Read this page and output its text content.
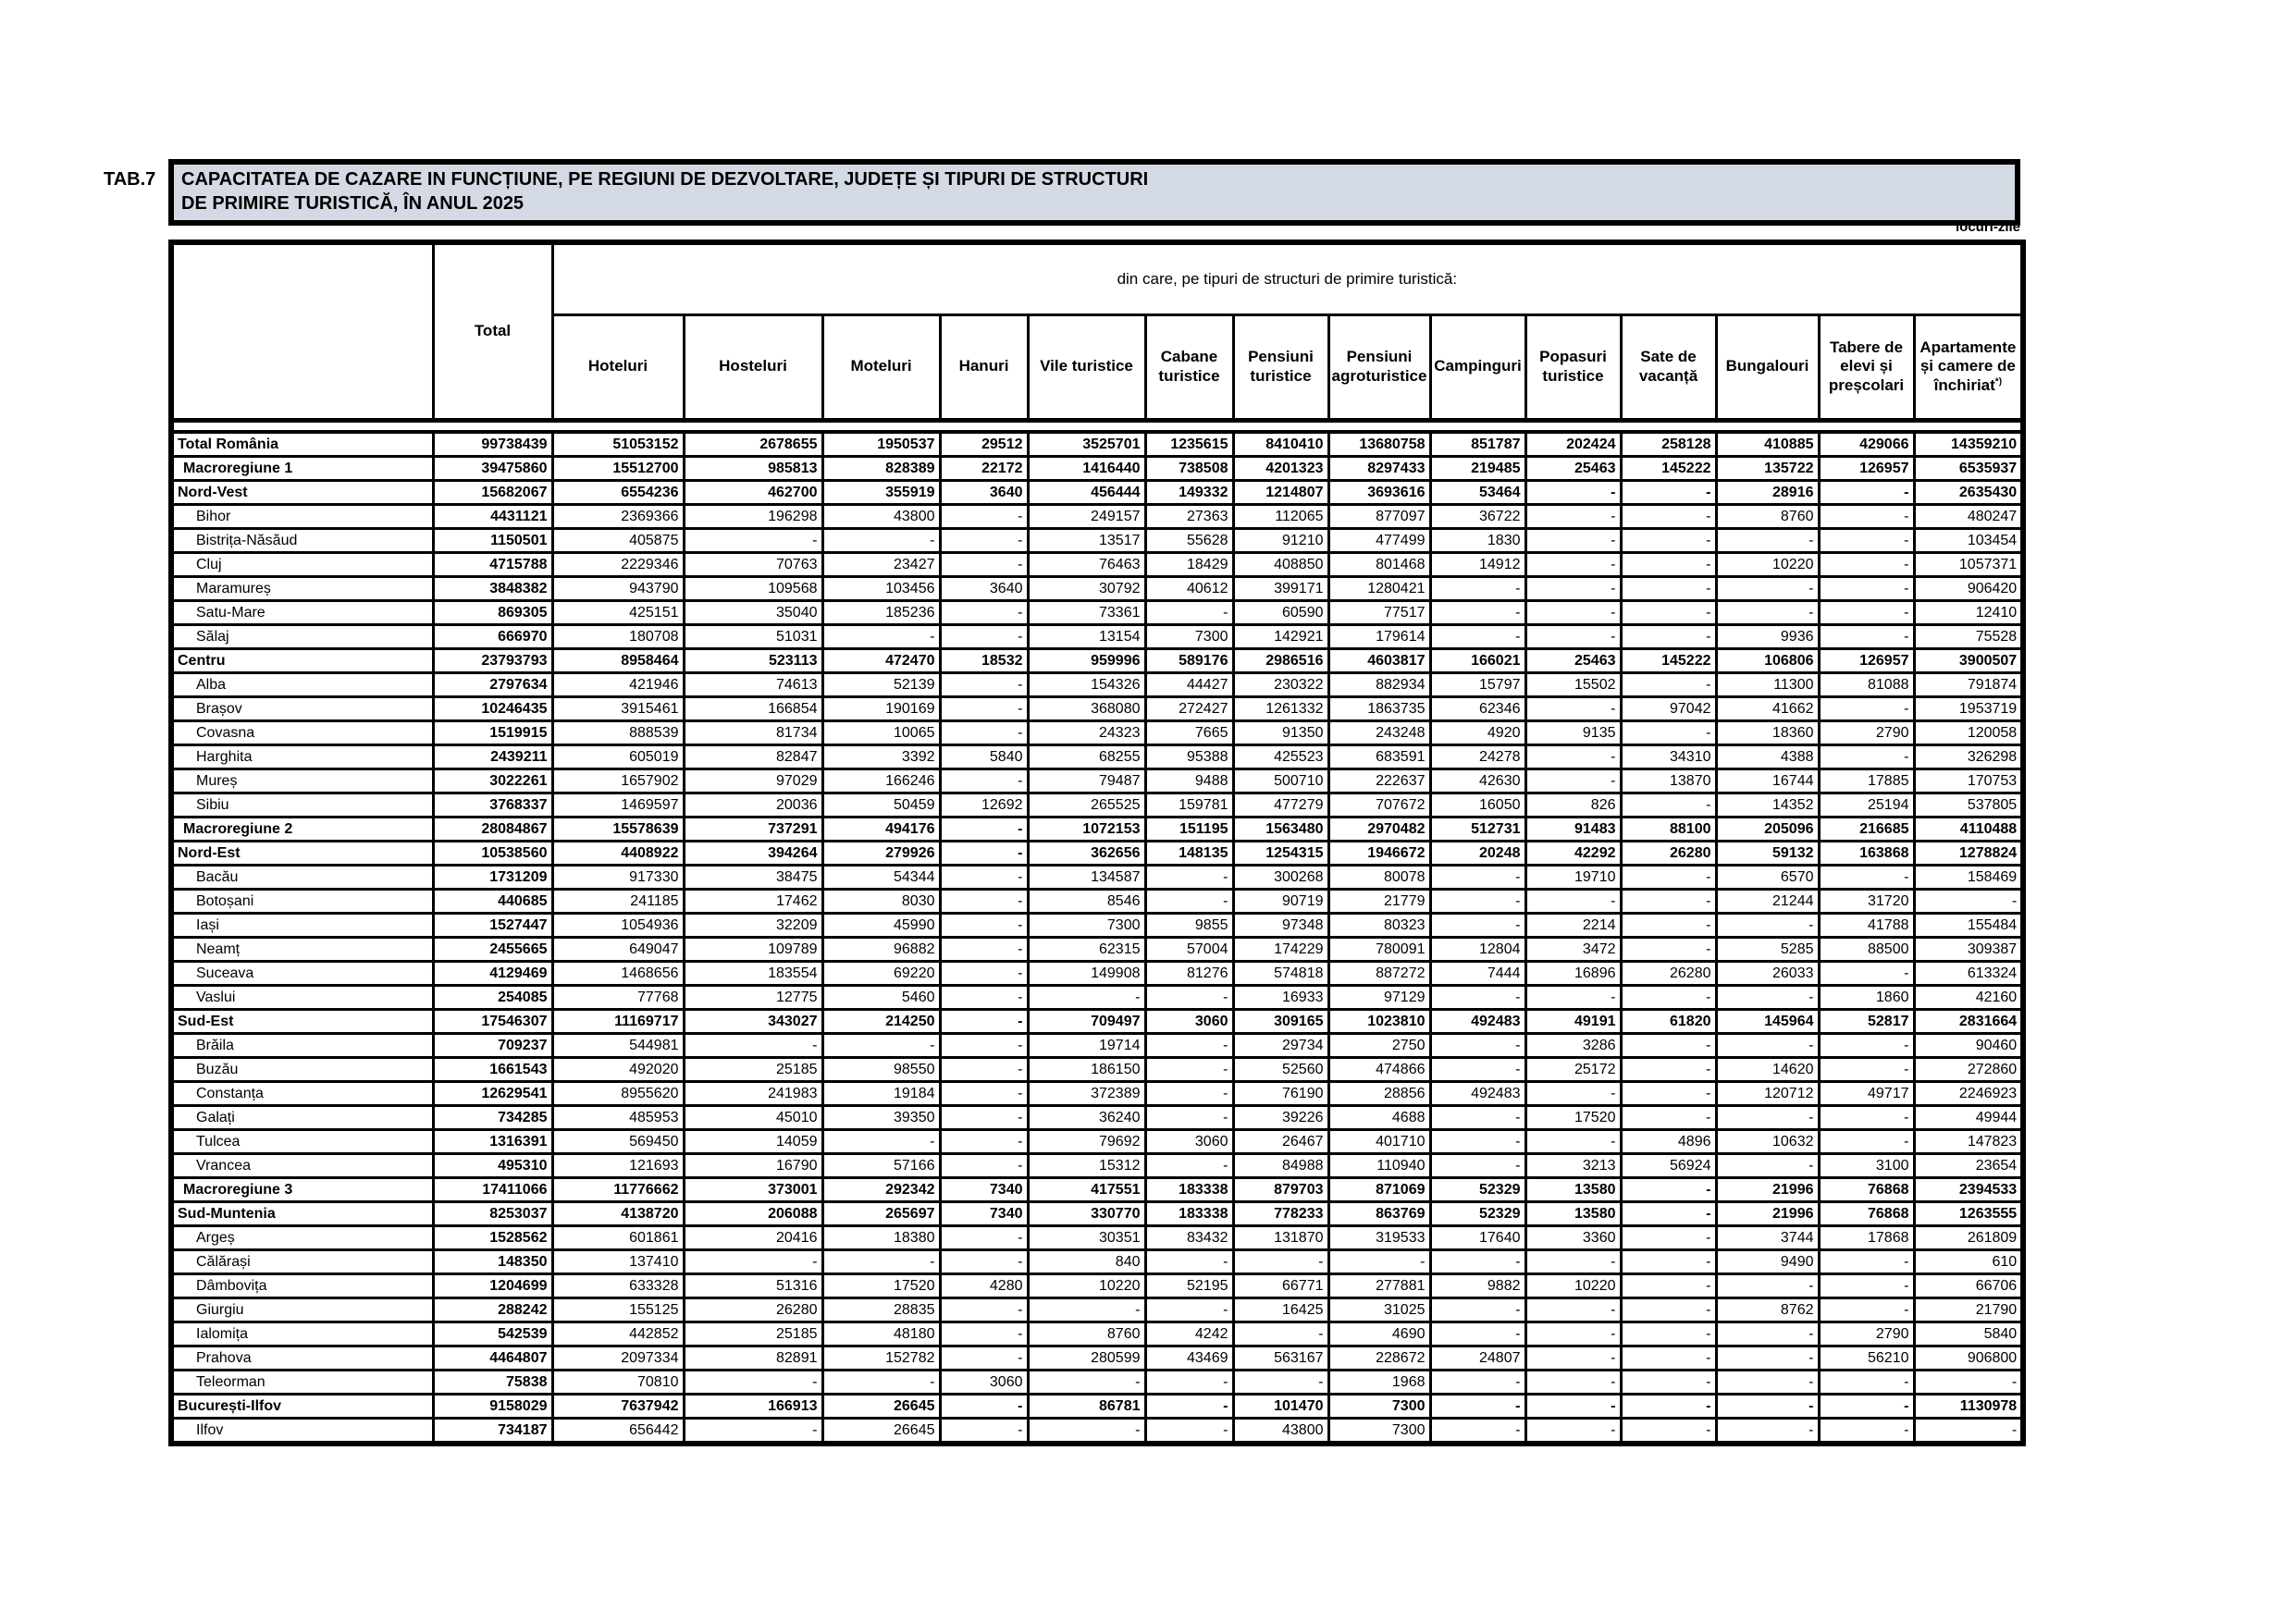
TAB.7 CAPACITATEA DE CAZARE IN FUNCȚIUNE, PE REGIUNI DE DEZVOLTARE, JUDEȚE ȘI TIPURI DE STRUCTURI
DE PRIMIRE TURISTICĂ, ÎN ANUL 2025
locuri-zile
	Total	din care, pe tipuri de structuri de primire turistică:													
		Hoteluri	Hosteluri	Moteluri	Hanuri	Vile turistice	Cabane turistice	Pensiuni turistice	Pensiuni agroturistice	Campinguri	Popasuri turistice	Sate de vacanță	Bungalouri	Tabere de elevi și preșcolari	Apartamente și camere de închiriat*)

Total România	99738439	51053152	2678655	1950537	29512	3525701	1235615	8410410	13680758	851787	202424	258128	410885	429066	14359210
Macroregiune 1	39475860	15512700	985813	828389	22172	1416440	738508	4201323	8297433	219485	25463	145222	135722	126957	6535937
Nord-Vest	15682067	6554236	462700	355919	3640	456444	149332	1214807	3693616	53464	-	-	28916	-	2635430
Bihor	4431121	2369366	196298	43800	-	249157	27363	112065	877097	36722	-	-	8760	-	480247
Bistrița-Năsăud	1150501	405875	-	-	-	13517	55628	91210	477499	1830	-	-	-	-	103454
Cluj	4715788	2229346	70763	23427	-	76463	18429	408850	801468	14912	-	-	10220	-	1057371
Maramureș	3848382	943790	109568	103456	3640	30792	40612	399171	1280421	-	-	-	-	-	906420
Satu-Mare	869305	425151	35040	185236	-	73361	-	60590	77517	-	-	-	-	-	12410
Sălaj	666970	180708	51031	-	-	13154	7300	142921	179614	-	-	-	9936	-	75528
Centru	23793793	8958464	523113	472470	18532	959996	589176	2986516	4603817	166021	25463	145222	106806	126957	3900507
Alba	2797634	421946	74613	52139	-	154326	44427	230322	882934	15797	15502	-	11300	81088	791874
Brașov	10246435	3915461	166854	190169	-	368080	272427	1261332	1863735	62346	-	97042	41662	-	1953719
Covasna	1519915	888539	81734	10065	-	24323	7665	91350	243248	4920	9135	-	18360	2790	120058
Harghita	2439211	605019	82847	3392	5840	68255	95388	425523	683591	24278	-	34310	4388	-	326298
Mureș	3022261	1657902	97029	166246	-	79487	9488	500710	222637	42630	-	13870	16744	17885	170753
Sibiu	3768337	1469597	20036	50459	12692	265525	159781	477279	707672	16050	826	-	14352	25194	537805
Macroregiune 2	28084867	15578639	737291	494176	-	1072153	151195	1563480	2970482	512731	91483	88100	205096	216685	4110488
Nord-Est	10538560	4408922	394264	279926	-	362656	148135	1254315	1946672	20248	42292	26280	59132	163868	1278824
Bacău	1731209	917330	38475	54344	-	134587	-	300268	80078	-	19710	-	6570	-	158469
Botoșani	440685	241185	17462	8030	-	8546	-	90719	21779	-	-	-	21244	31720	-
Iași	1527447	1054936	32209	45990	-	7300	9855	97348	80323	-	2214	-	-	41788	155484
Neamț	2455665	649047	109789	96882	-	62315	57004	174229	780091	12804	3472	-	5285	88500	309387
Suceava	4129469	1468656	183554	69220	-	149908	81276	574818	887272	7444	16896	26280	26033	-	613324
Vaslui	254085	77768	12775	5460	-	-	-	16933	97129	-	-	-	-	1860	42160
Sud-Est	17546307	11169717	343027	214250	-	709497	3060	309165	1023810	492483	49191	61820	145964	52817	2831664
Brăila	709237	544981	-	-	-	19714	-	29734	2750	-	3286	-	-	-	90460
Buzău	1661543	492020	25185	98550	-	186150	-	52560	474866	-	25172	-	14620	-	272860
Constanța	12629541	8955620	241983	19184	-	372389	-	76190	28856	492483	-	-	120712	49717	2246923
Galați	734285	485953	45010	39350	-	36240	-	39226	4688	-	17520	-	-	-	49944
Tulcea	1316391	569450	14059	-	-	79692	3060	26467	401710	-	-	4896	10632	-	147823
Vrancea	495310	121693	16790	57166	-	15312	-	84988	110940	-	3213	56924	-	3100	23654
Macroregiune 3	17411066	11776662	373001	292342	7340	417551	183338	879703	871069	52329	13580	-	21996	76868	2394533
Sud-Muntenia	8253037	4138720	206088	265697	7340	330770	183338	778233	863769	52329	13580	-	21996	76868	1263555
Argeș	1528562	601861	20416	18380	-	30351	83432	131870	319533	17640	3360	-	3744	17868	261809
Călărași	148350	137410	-	-	-	840	-	-	-	-	-	-	9490	-	610
Dâmbovița	1204699	633328	51316	17520	4280	10220	52195	66771	277881	9882	10220	-	-	-	66706
Giurgiu	288242	155125	26280	28835	-	-	-	16425	31025	-	-	-	8762	-	21790
Ialomița	542539	442852	25185	48180	-	8760	4242	-	4690	-	-	-	-	2790	5840
Prahova	4464807	2097334	82891	152782	-	280599	43469	563167	228672	24807	-	-	-	56210	906800
Teleorman	75838	70810	-	-	3060	-	-	-	1968	-	-	-	-	-	-
București-Ilfov	9158029	7637942	166913	26645	-	86781	-	101470	7300	-	-	-	-	-	1130978
Ilfov	734187	656442	-	26645	-	-	-	43800	7300	-	-	-	-	-	-
